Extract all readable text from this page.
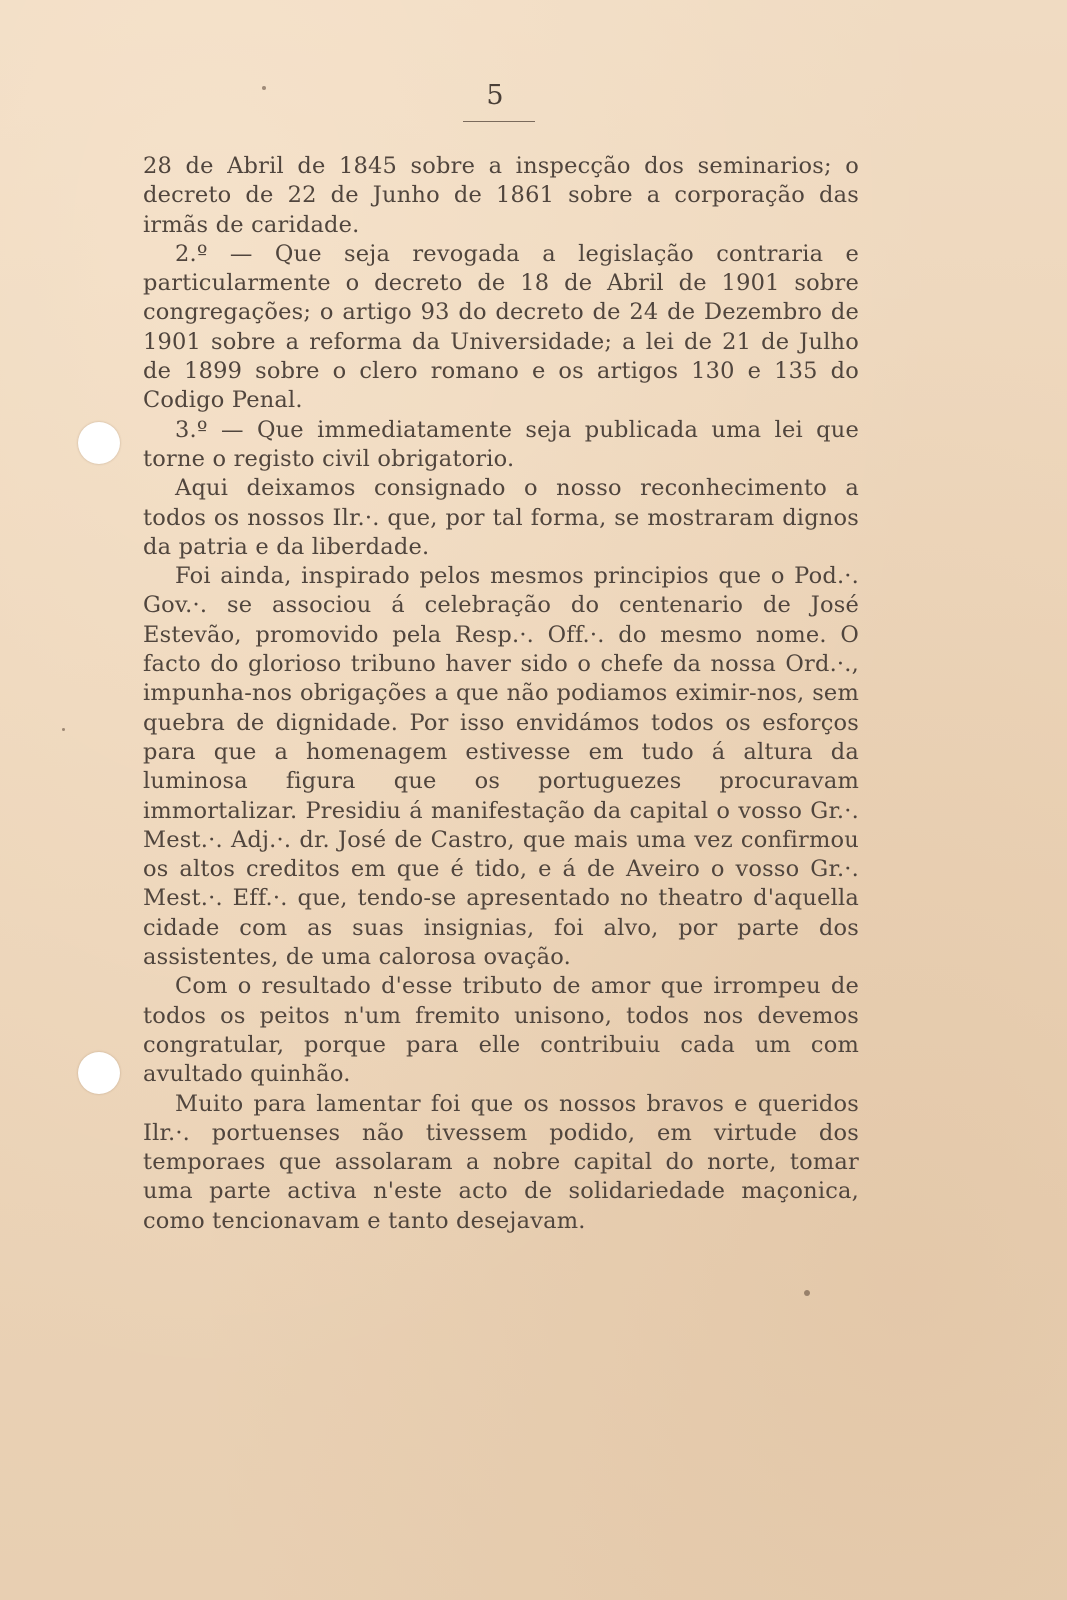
5

28 de Abril de 1845 sobre a inspecção dos seminarios; o decreto de 22 de Junho de 1861 sobre a corporação das irmãs de caridade.

2.º — Que seja revogada a legislação contraria e particularmente o decreto de 18 de Abril de 1901 sobre congregações; o artigo 93 do decreto de 24 de Dezembro de 1901 sobre a reforma da Universidade; a lei de 21 de Julho de 1899 sobre o clero romano e os artigos 130 e 135 do Codigo Penal.

3.º — Que immediatamente seja publicada uma lei que torne o registo civil obrigatorio.

Aqui deixamos consignado o nosso reconhecimento a todos os nossos Ilr.·. que, por tal forma, se mostraram dignos da patria e da liberdade.

Foi ainda, inspirado pelos mesmos principios que o Pod.·. Gov.·. se associou á celebração do centenario de José Estevão, promovido pela Resp.·. Off.·. do mesmo nome. O facto do glorioso tribuno haver sido o chefe da nossa Ord.·., impunha-nos obrigações a que não podiamos eximir-nos, sem quebra de dignidade. Por isso envidámos todos os esforços para que a homenagem estivesse em tudo á altura da luminosa figura que os portuguezes procuravam immortalizar. Presidiu á manifestação da capital o vosso Gr.·. Mest.·. Adj.·. dr. José de Castro, que mais uma vez confirmou os altos creditos em que é tido, e á de Aveiro o vosso Gr.·. Mest.·. Eff.·. que, tendo-se apresentado no theatro d'aquella cidade com as suas insignias, foi alvo, por parte dos assistentes, de uma calorosa ovação.

Com o resultado d'esse tributo de amor que irrompeu de todos os peitos n'um fremito unisono, todos nos devemos congratular, porque para elle contribuiu cada um com avultado quinhão.

Muito para lamentar foi que os nossos bravos e queridos Ilr.·. portuenses não tivessem podido, em virtude dos temporaes que assolaram a nobre capital do norte, tomar uma parte activa n'este acto de solidariedade maçonica, como tencionavam e tanto desejavam.
